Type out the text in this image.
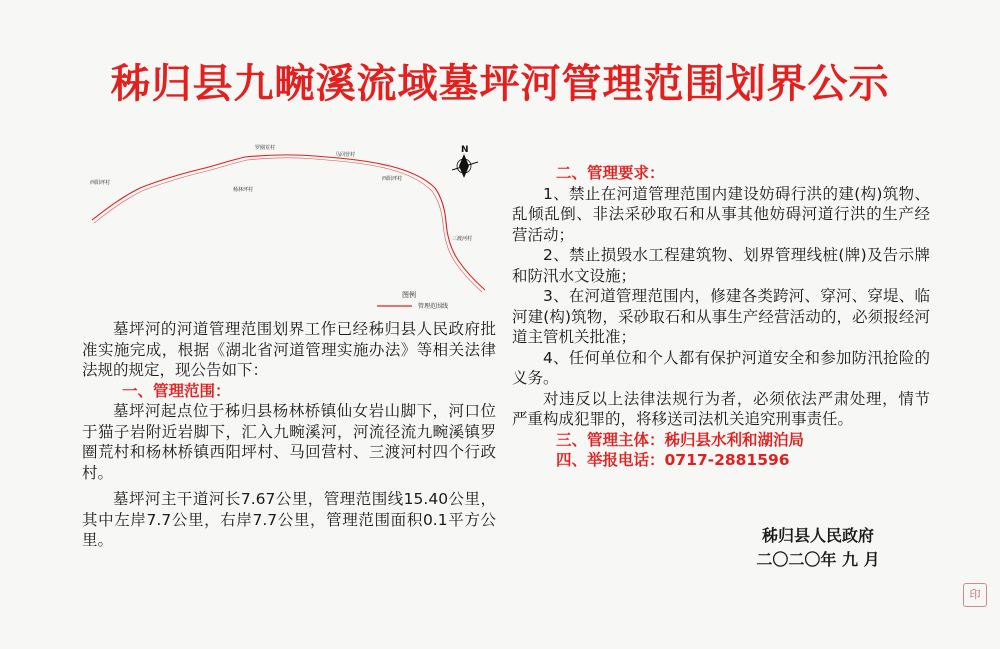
秭归县九畹溪流域墓坪河管理范围划界公示
西阳坪村
罗圈荒村
马回营村
杨林坪村
西阳坪村
三渡河村
N
图例
管理范围线

墓坪河的河道管理范围划界工作已经秭归县人民政府批准实施完成，根据《湖北省河道管理实施办法》等相关法律法规的规定，现公告如下：

一、管理范围：

墓坪河起点位于秭归县杨林桥镇仙女岩山脚下，河口位于猫子岩附近岩脚下，汇入九畹溪河，河流径流九畹溪镇罗圈荒村和杨林桥镇西阳坪村、马回营村、三渡河村四个行政村。

墓坪河主干道河长7.67公里，管理范围线15.40公里，其中左岸7.7公里，右岸7.7公里，管理范围面积0.1平方公里。

二、管理要求：

1、禁止在河道管理范围内建设妨碍行洪的建(构)筑物、乱倾乱倒、非法采砂取石和从事其他妨碍河道行洪的生产经营活动；

2、禁止损毁水工程建筑物、划界管理线桩(牌)及告示牌和防汛水文设施；

3、在河道管理范围内，修建各类跨河、穿河、穿堤、临河建(构)筑物，采砂取石和从事生产经营活动的，必须报经河道主管机关批准；

4、任何单位和个人都有保护河道安全和参加防汛抢险的义务。

对违反以上法律法规行为者，必须依法严肃处理，情节严重构成犯罪的，将移送司法机关追究刑事责任。

三、管理主体：秭归县水利和湖泊局

四、举报电话：0717-2881596

秭归县人民政府
二〇二〇年 九 月
印
